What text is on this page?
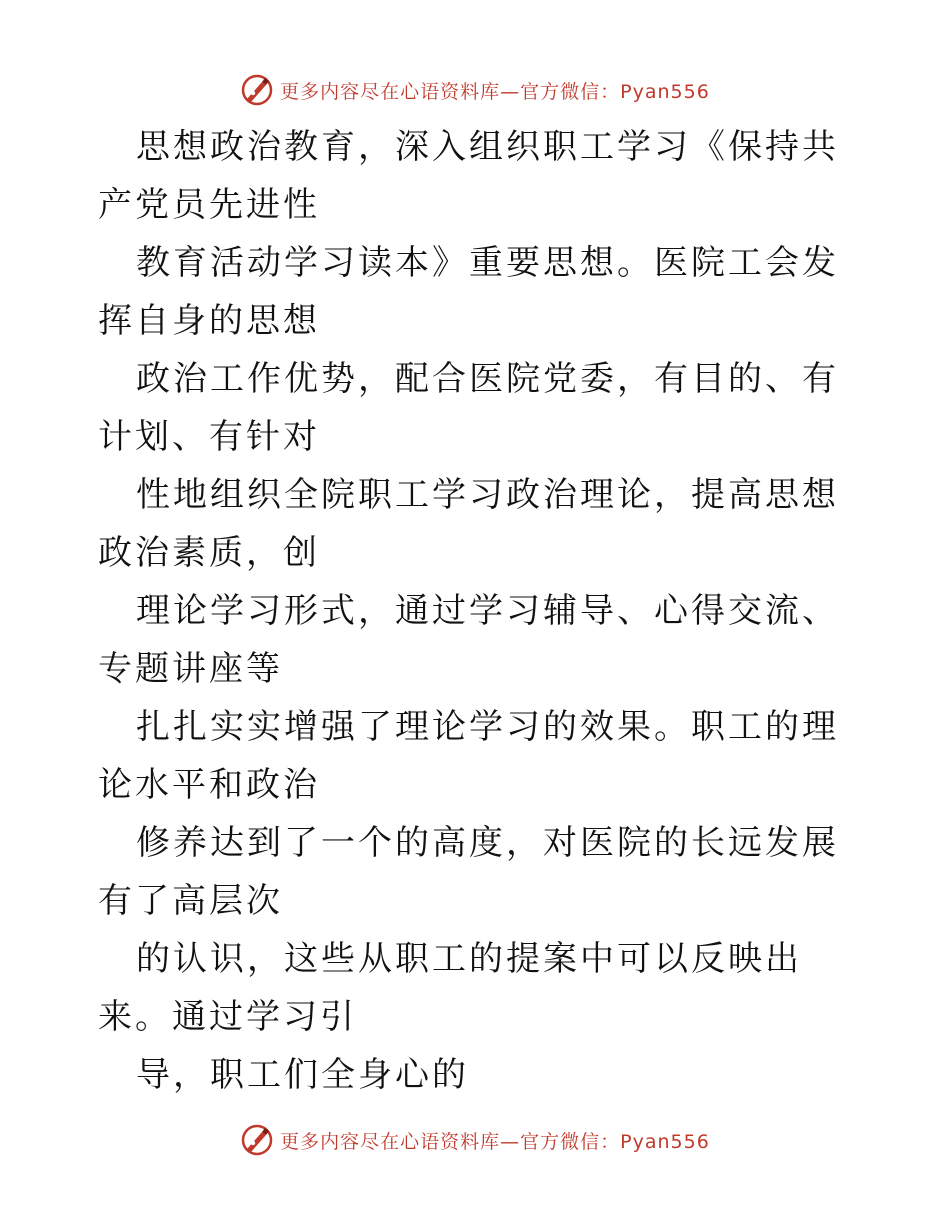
更多内容尽在心语资料库—官方微信：Pyan556

思想政治教育，深入组织职工学习《保持共产党员先进性

教育活动学习读本》重要思想。医院工会发挥自身的思想

政治工作优势，配合医院党委，有目的、有计划、有针对

性地组织全院职工学习政治理论，提高思想政治素质，创

理论学习形式，通过学习辅导、心得交流、专题讲座等

扎扎实实增强了理论学习的效果。职工的理论水平和政治

修养达到了一个的高度，对医院的长远发展有了高层次

的认识，这些从职工的提案中可以反映出来。通过学习引

导，职工们全身心的

更多内容尽在心语资料库—官方微信：Pyan556
